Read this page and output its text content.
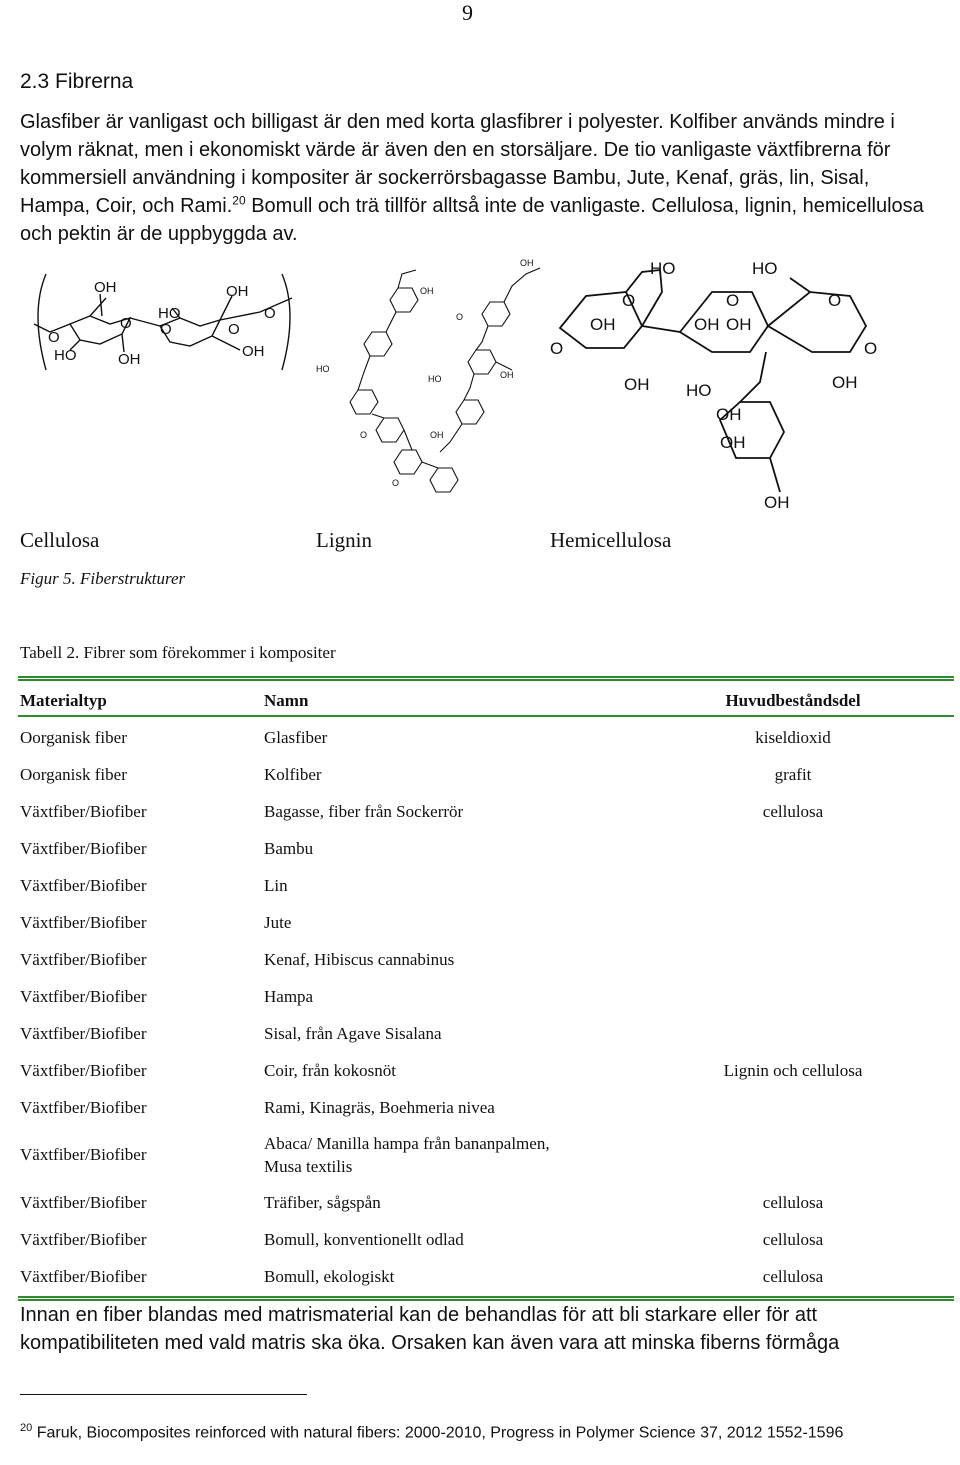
9
2.3 Fibrerna
Glasfiber är vanligast och billigast är den med korta glasfibrer i polyester. Kolfiber används mindre i volym räknat, men i ekonomiskt värde är även den en storsäljare. De tio vanligaste växtfibrerna för kommersiell användning i kompositer är sockerrörsbagasse Bambu, Jute, Kenaf, gräs, lin, Sisal, Hampa, Coir, och Rami.$^{20}$ Bomull och trä tillför alltså inte de vanligaste. Cellulosa, lignin, hemicellulosa och pektin är de uppbyggda av.
OH	OH
HO
O O	O
O
O
HO	OH	OH
OH
OH
HO
HO
OH
OH
O
O
O
HO	HO
O	O	O
OH	OH OH
O	O
OH HO	OH
OH
OH
OH
Cellulosa	Lignin	Hemicellulosa
Figur 5. Fiberstrukturer
Tabell 2. Fibrer som förekommer i kompositer
Materialtyp	Namn	Huvudbeståndsdel
Oorganisk fiber	Glasfiber	kiseldioxid
Oorganisk fiber	Kolfiber	grafit
Växtfiber/Biofiber	Bagasse, fiber från Sockerrör	cellulosa
Växtfiber/Biofiber	Bambu	
Växtfiber/Biofiber	Lin	
Växtfiber/Biofiber	Jute	
Växtfiber/Biofiber	Kenaf, Hibiscus cannabinus	
Växtfiber/Biofiber	Hampa	
Växtfiber/Biofiber	Sisal, från Agave Sisalana	
Växtfiber/Biofiber	Coir, från kokosnöt	Lignin och cellulosa
Växtfiber/Biofiber	Rami, Kinagräs, Boehmeria nivea	
Växtfiber/Biofiber	Abaca/ Manilla hampa från bananpalmen,
Musa textilis	
Växtfiber/Biofiber	Träfiber, sågspån	cellulosa
Växtfiber/Biofiber	Bomull, konventionellt odlad	cellulosa
Växtfiber/Biofiber	Bomull, ekologiskt	cellulosa
Innan en fiber blandas med matrismaterial kan de behandlas för att bli starkare eller för att kompatibiliteten med vald matris ska öka. Orsaken kan även vara att minska fiberns förmåga
$^{20}$ Faruk, Biocomposites reinforced with natural fibers: 2000-2010, Progress in Polymer Science 37, 2012 1552-1596
